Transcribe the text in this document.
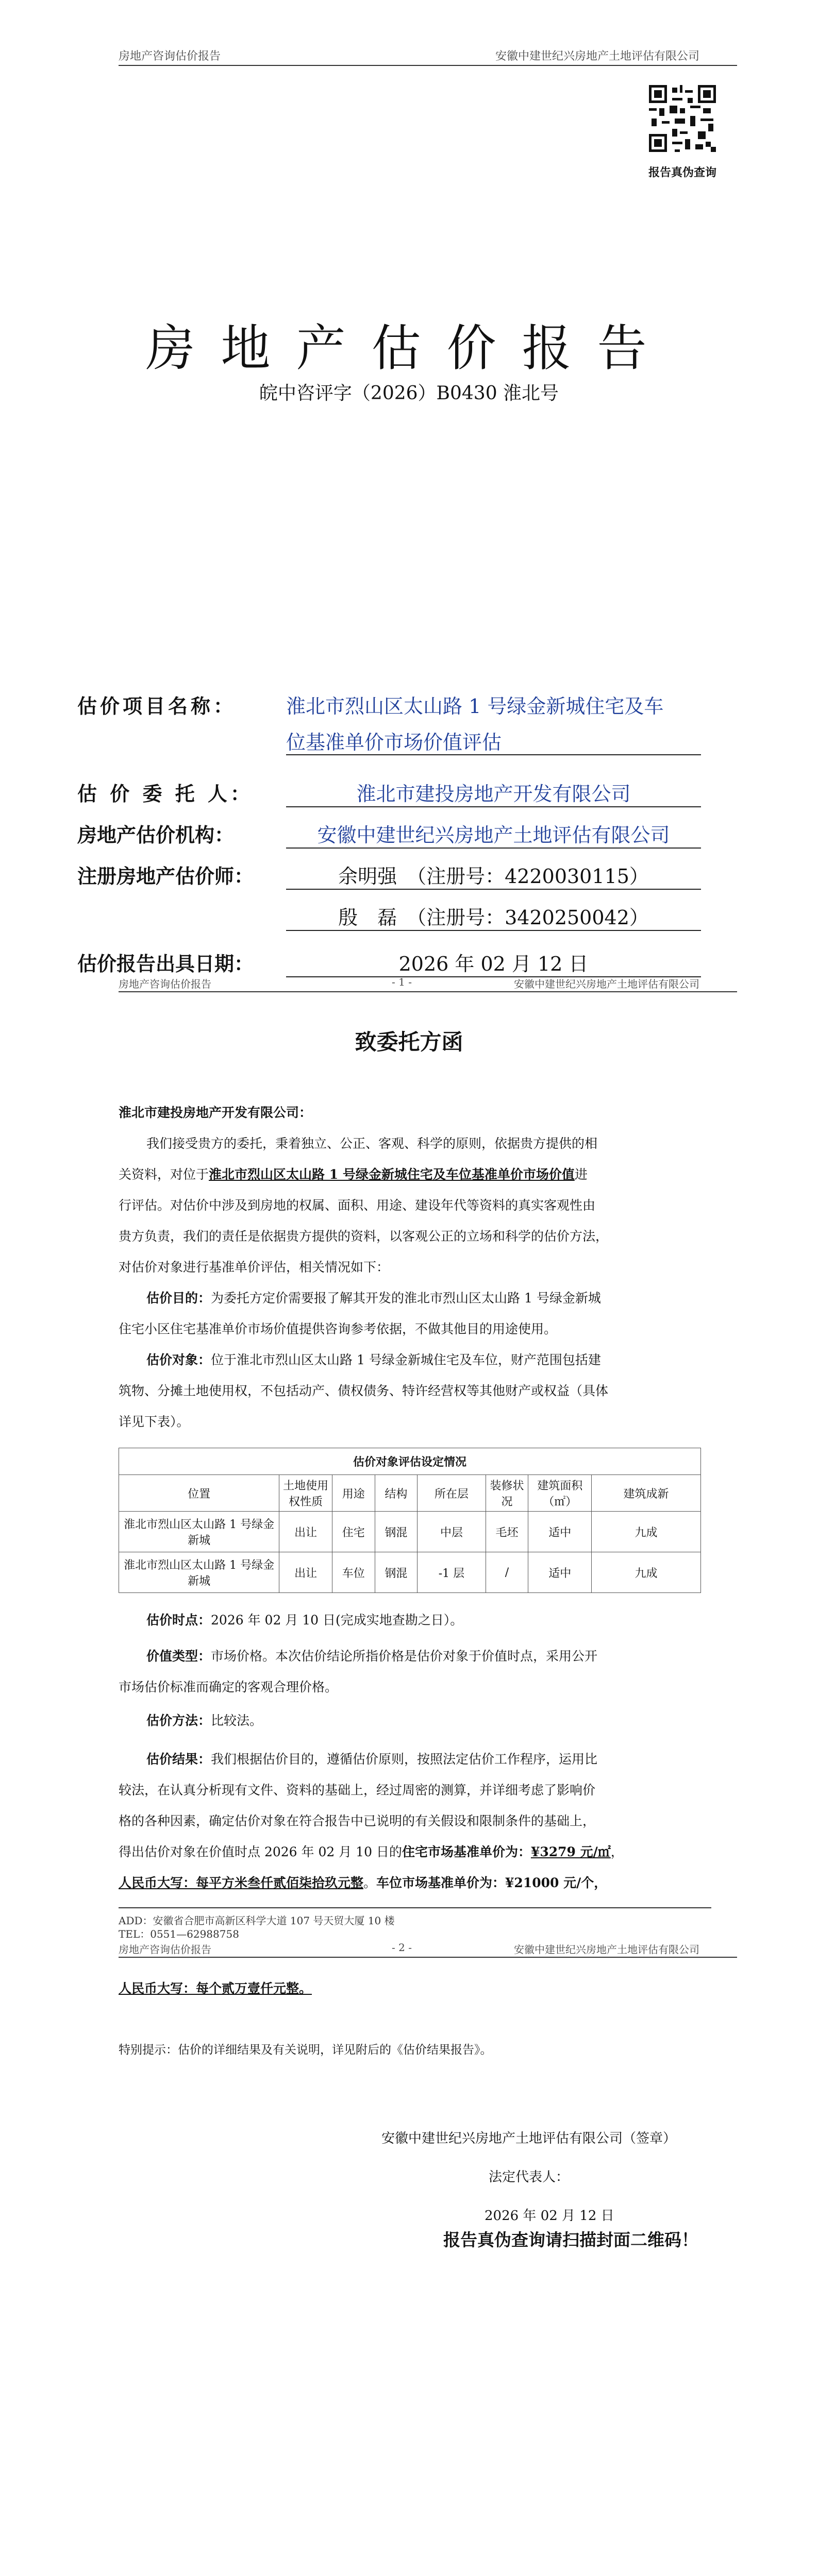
房地产咨询估价报告	安徽中建世纪兴房地产土地评估有限公司
报告真伪查询
房地产估价报告
皖中咨评字（2026）B0430 淮北号
估价项目名称：	淮北市烈山区太山路 1 号绿金新城住宅及车
位基准单价市场价值评估
估 价 委 托 人：	淮北市建投房地产开发有限公司
房地产估价机构：	安徽中建世纪兴房地产土地评估有限公司
注册房地产估价师：	余明强　（注册号：4220030115）
殷　磊　（注册号：3420250042）
估价报告出具日期：	2026 年 02 月 12 日
房地产咨询估价报告	- 1 -	安徽中建世纪兴房地产土地评估有限公司
致委托方函
淮北市建投房地产开发有限公司：
我们接受贵方的委托，秉着独立、公正、客观、科学的原则，依据贵方提供的相
关资料，对位于淮北市烈山区太山路 1 号绿金新城住宅及车位基准单价市场价值进
行评估。对估价中涉及到房地的权属、面积、用途、建设年代等资料的真实客观性由
贵方负责，我们的责任是依据贵方提供的资料，以客观公正的立场和科学的估价方法，
对估价对象进行基准单价评估，相关情况如下：
估价目的：为委托方定价需要报了解其开发的淮北市烈山区太山路 1 号绿金新城
住宅小区住宅基准单价市场价值提供咨询参考依据，不做其他目的用途使用。
估价对象：位于淮北市烈山区太山路 1 号绿金新城住宅及车位，财产范围包括建
筑物、分摊土地使用权，不包括动产、债权债务、特许经营权等其他财产或权益（具体
详见下表）。
估价对象评估设定情况							
位置	土地使用权性质	用途	结构	所在层	装修状况	建筑面积（㎡）	建筑成新
淮北市烈山区太山路 1 号绿金新城	出让	住宅	钢混	中层	毛坯	适中	九成
淮北市烈山区太山路 1 号绿金新城	出让	车位	钢混	-1 层	/	适中	九成
估价时点：2026 年 02 月 10 日(完成实地查勘之日）。
价值类型：市场价格。本次估价结论所指价格是估价对象于价值时点，采用公开
市场估价标准而确定的客观合理价格。
估价方法：比较法。
估价结果：我们根据估价目的，遵循估价原则，按照法定估价工作程序，运用比
较法，在认真分析现有文件、资料的基础上，经过周密的测算，并详细考虑了影响价
格的各种因素，确定估价对象在符合报告中已说明的有关假设和限制条件的基础上，
得出估价对象在价值时点 2026 年 02 月 10 日的住宅市场基准单价为：¥3279 元/㎡，
人民币大写：每平方米叁仟贰佰柒拾玖元整。车位市场基准单价为：¥21000 元/个，
ADD：安徽省合肥市高新区科学大道 107 号天贸大厦 10 楼
TEL：0551—62988758
房地产咨询估价报告	- 2 -	安徽中建世纪兴房地产土地评估有限公司
人民币大写：每个贰万壹仟元整。
特别提示：估价的详细结果及有关说明，详见附后的《估价结果报告》。
安徽中建世纪兴房地产土地评估有限公司（签章）
法定代表人：
2026 年 02 月 12 日
报告真伪查询请扫描封面二维码！
